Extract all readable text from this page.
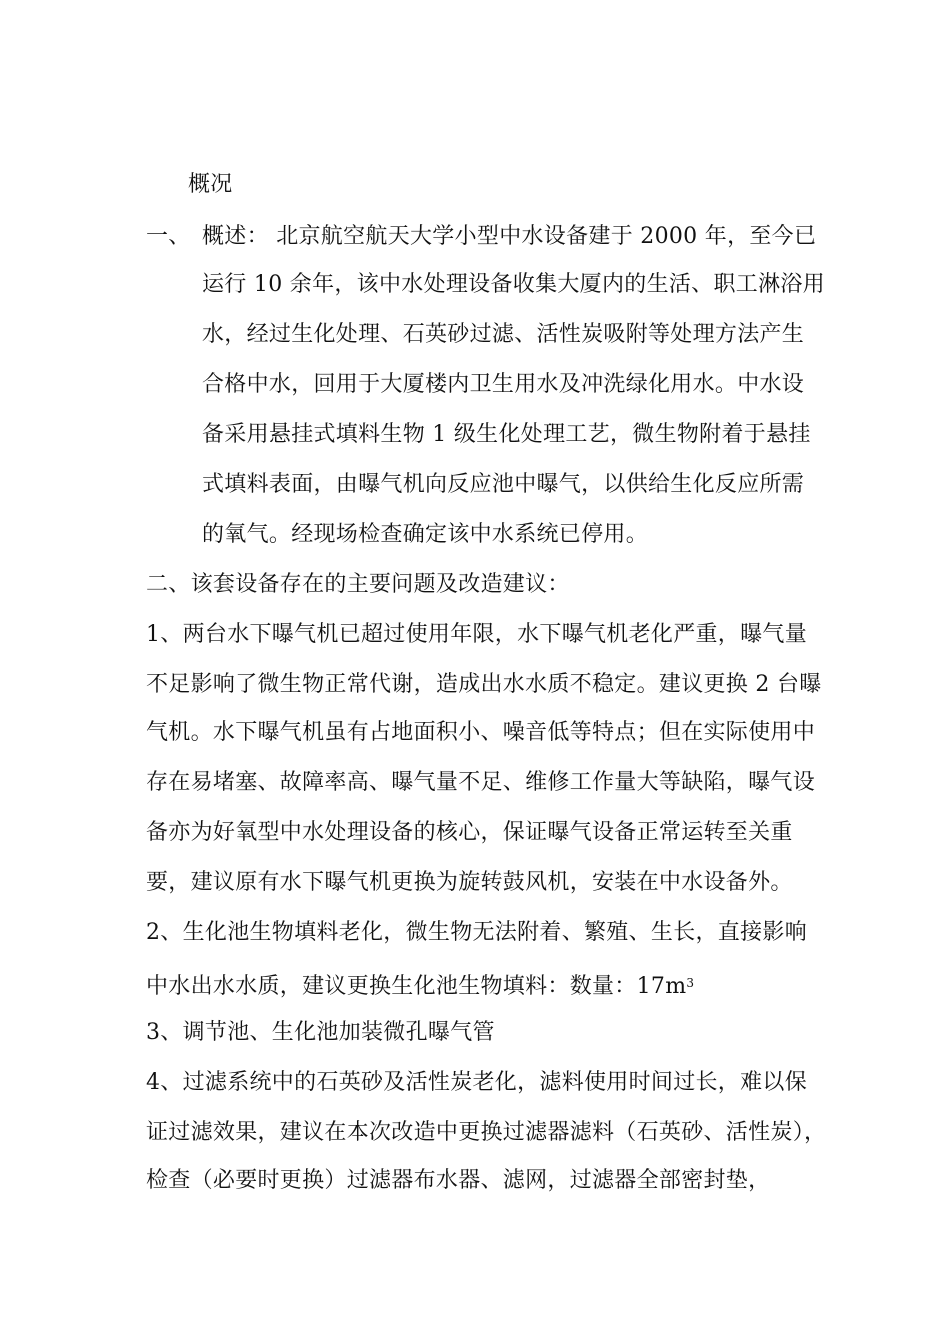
概况
一、 概述： 北京航空航天大学小型中水设备建于 2000 年，至今已
运行 10 余年，该中水处理设备收集大厦内的生活、职工淋浴用
水，经过生化处理、石英砂过滤、活性炭吸附等处理方法产生
合格中水，回用于大厦楼内卫生用水及冲洗绿化用水。中水设
备采用悬挂式填料生物 1 级生化处理工艺，微生物附着于悬挂
式填料表面，由曝气机向反应池中曝气，以供给生化反应所需
的氧气。经现场检查确定该中水系统已停用。
二、该套设备存在的主要问题及改造建议：
1、两台水下曝气机已超过使用年限，水下曝气机老化严重，曝气量
不足影响了微生物正常代谢，造成出水水质不稳定。建议更换 2 台曝
气机。水下曝气机虽有占地面积小、噪音低等特点；但在实际使用中
存在易堵塞、故障率高、曝气量不足、维修工作量大等缺陷，曝气设
备亦为好氧型中水处理设备的核心，保证曝气设备正常运转至关重
要，建议原有水下曝气机更换为旋转鼓风机，安装在中水设备外。
2、生化池生物填料老化，微生物无法附着、繁殖、生长，直接影响
中水出水水质，建议更换生化池生物填料：数量：$17m^3$
3、调节池、生化池加装微孔曝气管
4、过滤系统中的石英砂及活性炭老化，滤料使用时间过长，难以保
证过滤效果，建议在本次改造中更换过滤器滤料（石英砂、活性炭），
检查（必要时更换）过滤器布水器、滤网，过滤器全部密封垫，
